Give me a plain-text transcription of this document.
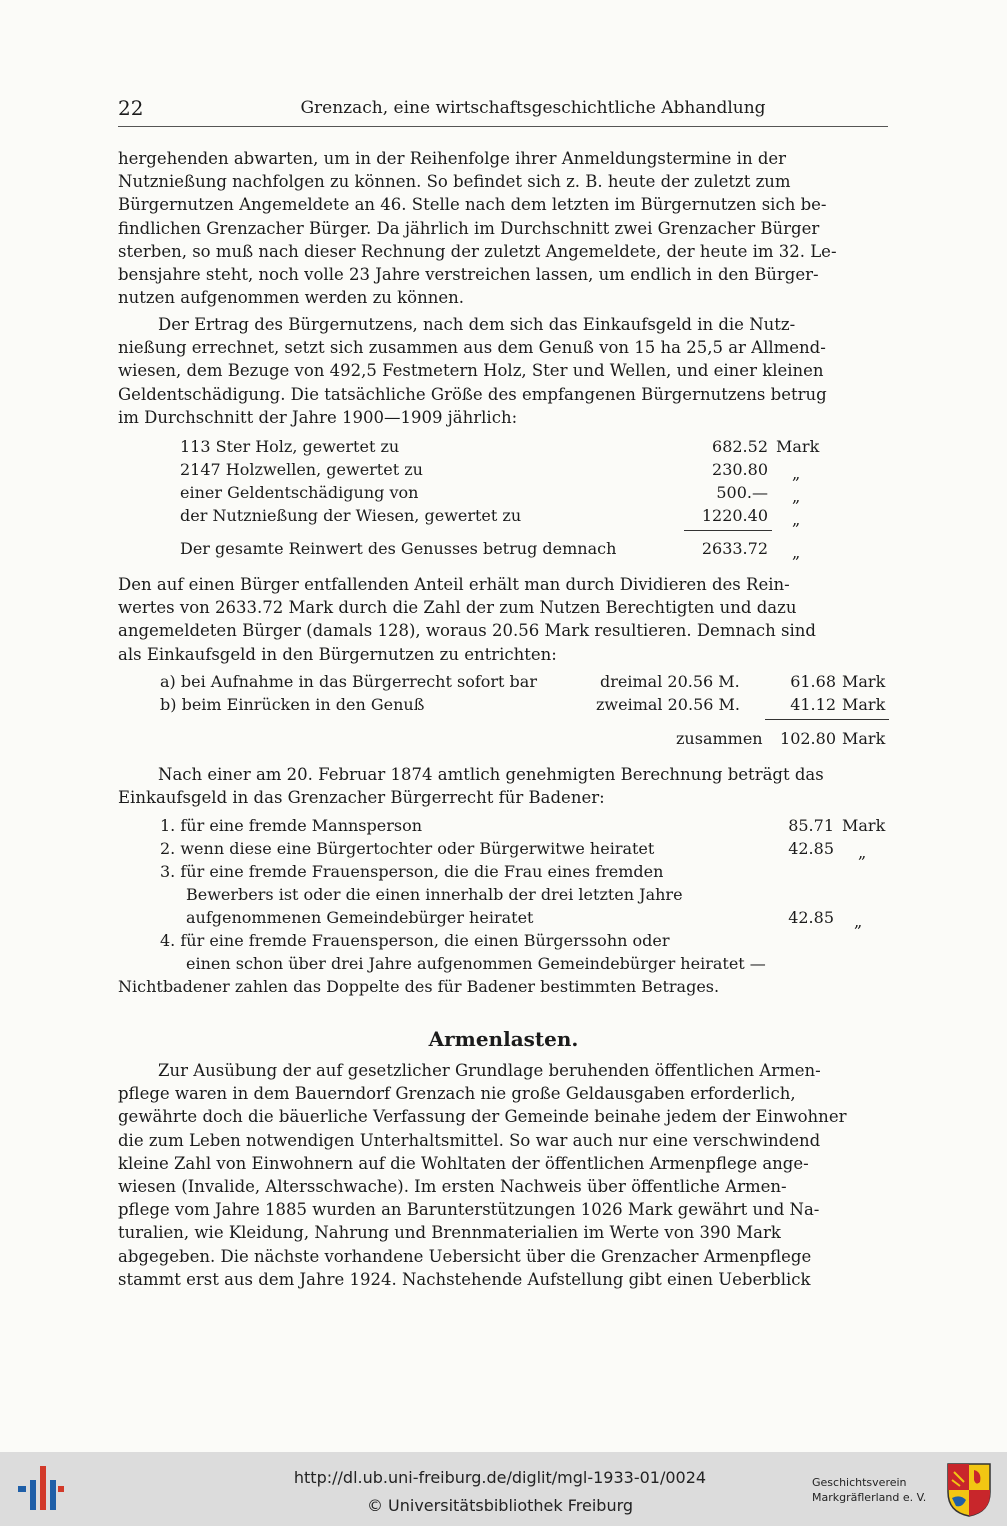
22	Grenzach, eine wirtschaftsgeschichtliche Abhandlung

hergehenden abwarten, um in der Reihenfolge ihrer Anmeldungstermine in der

Nutznießung nachfolgen zu können. So befindet sich z. B. heute der zuletzt zum

Bürgernutzen Angemeldete an 46. Stelle nach dem letzten im Bürgernutzen sich be-

findlichen Grenzacher Bürger. Da jährlich im Durchschnitt zwei Grenzacher Bürger

sterben, so muß nach dieser Rechnung der zuletzt Angemeldete, der heute im 32. Le-

bensjahre steht, noch volle 23 Jahre verstreichen lassen, um endlich in den Bürger-

nutzen aufgenommen werden zu können.

Der Ertrag des Bürgernutzens, nach dem sich das Einkaufsgeld in die Nutz-

nießung errechnet, setzt sich zusammen aus dem Genuß von 15 ha 25,5 ar Allmend-

wiesen, dem Bezuge von 492,5 Festmetern Holz, Ster und Wellen, und einer kleinen

Geldentschädigung. Die tatsächliche Größe des empfangenen Bürgernutzens betrug

im Durchschnitt der Jahre 1900—1909 jährlich:

113 Ster Holz, gewertet zu	682.52 Mark
2147 Holzwellen, gewertet zu	230.80 „
einer Geldentschädigung von	500.— „
der Nutznießung der Wiesen, gewertet zu	1220.40 „
Der gesamte Reinwert des Genusses betrug demnach	2633.72 „

Den auf einen Bürger entfallenden Anteil erhält man durch Dividieren des Rein-

wertes von 2633.72 Mark durch die Zahl der zum Nutzen Berechtigten und dazu

angemeldeten Bürger (damals 128), woraus 20.56 Mark resultieren. Demnach sind

als Einkaufsgeld in den Bürgernutzen zu entrichten:

a) bei Aufnahme in das Bürgerrecht sofort bar	dreimal 20.56 M.	61.68 Mark
b) beim Einrücken in den Genuß	zweimal 20.56 M.	41.12 Mark
zusammen	102.80 Mark

Nach einer am 20. Februar 1874 amtlich genehmigten Berechnung beträgt das

Einkaufsgeld in das Grenzacher Bürgerrecht für Badener:

1. für eine fremde Mannsperson	85.71 Mark
2. wenn diese eine Bürgertochter oder Bürgerwitwe heiratet	42.85 „
3. für eine fremde Frauensperson, die die Frau eines fremden
Bewerbers ist oder die einen innerhalb der drei letzten Jahre
aufgenommenen Gemeindebürger heiratet	42.85 „
4. für eine fremde Frauensperson, die einen Bürgerssohn oder
einen schon über drei Jahre aufgenommen Gemeindebürger heiratet —
Nichtbadener zahlen das Doppelte des für Badener bestimmten Betrages.
Armenlasten.

Zur Ausübung der auf gesetzlicher Grundlage beruhenden öffentlichen Armen-

pflege waren in dem Bauerndorf Grenzach nie große Geldausgaben erforderlich,

gewährte doch die bäuerliche Verfassung der Gemeinde beinahe jedem der Einwohner

die zum Leben notwendigen Unterhaltsmittel. So war auch nur eine verschwindend

kleine Zahl von Einwohnern auf die Wohltaten der öffentlichen Armenpflege ange-

wiesen (Invalide, Altersschwache). Im ersten Nachweis über öffentliche Armen-

pflege vom Jahre 1885 wurden an Barunterstützungen 1026 Mark gewährt und Na-

turalien, wie Kleidung, Nahrung und Brennmaterialien im Werte von 390 Mark

abgegeben. Die nächste vorhandene Uebersicht über die Grenzacher Armenpflege

stammt erst aus dem Jahre 1924. Nachstehende Aufstellung gibt einen Ueberblick

http://dl.ub.uni-freiburg.de/diglit/mgl-1933-01/0024
© Universitätsbibliothek Freiburg
Geschichtsverein
Markgräflerland e. V.
